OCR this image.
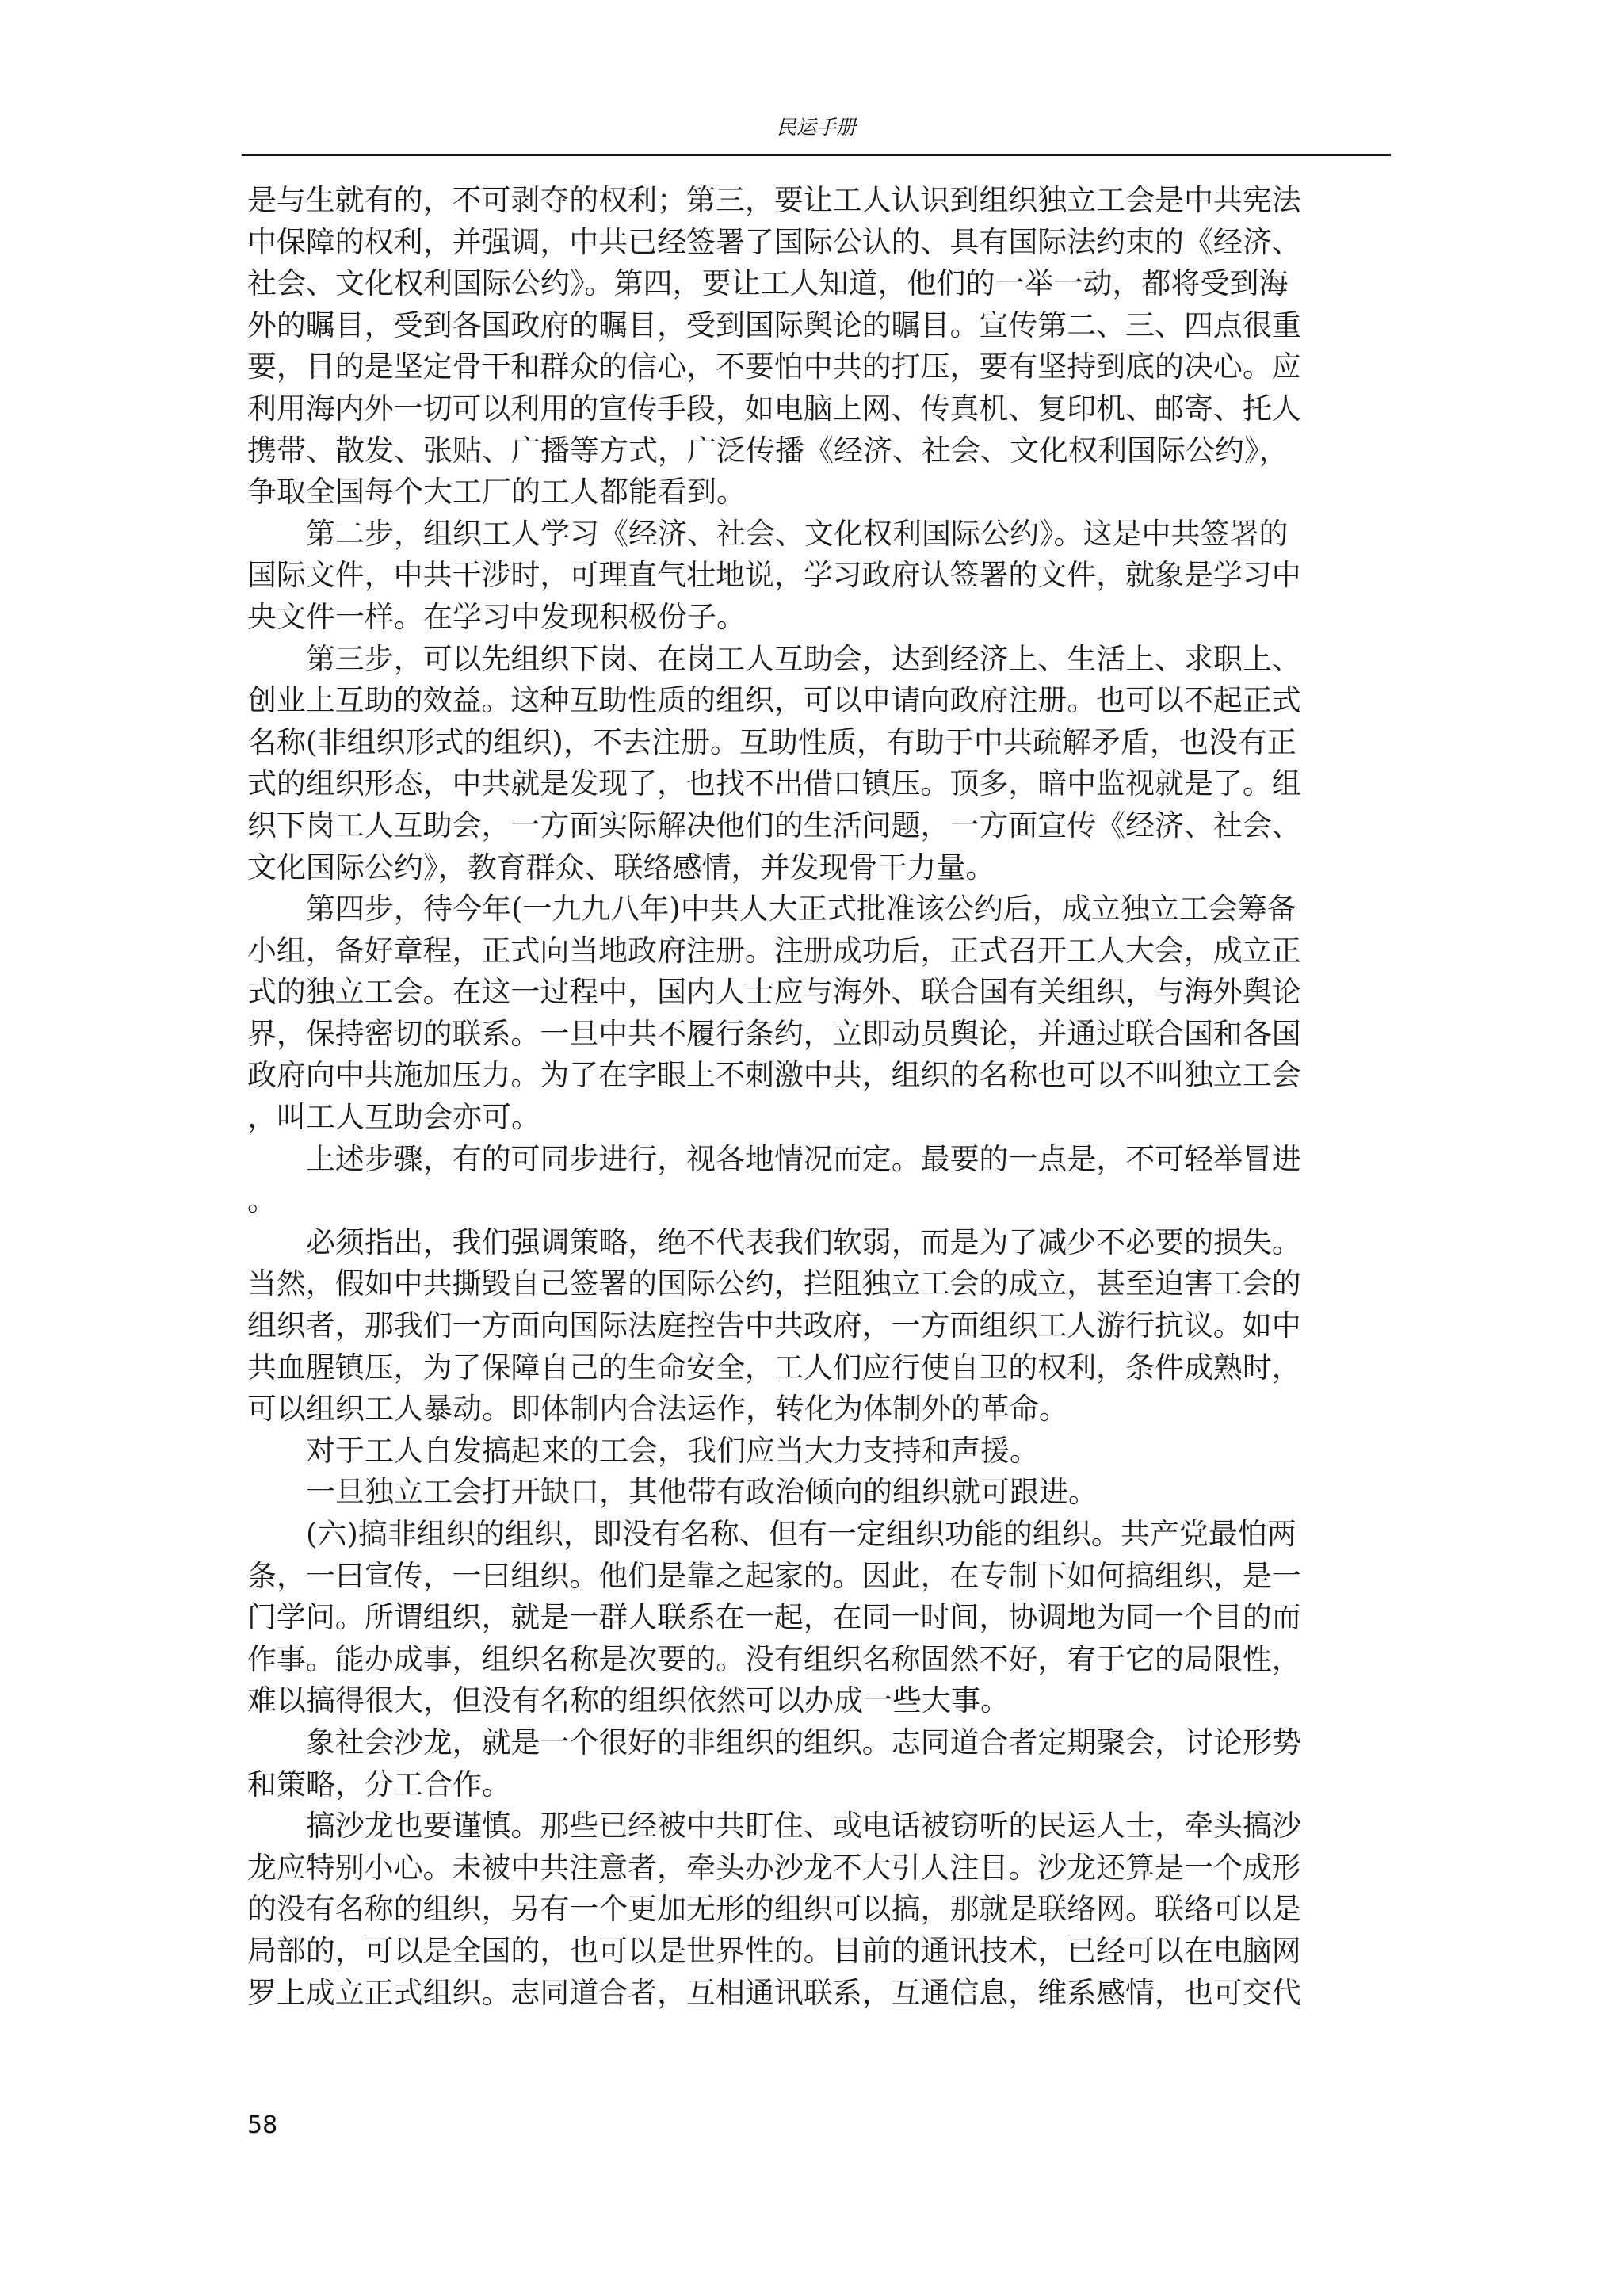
民运手册
是与生就有的，不可剥夺的权利；第三，要让工人认识到组织独立工会是中共宪法
中保障的权利，并强调，中共已经签署了国际公认的、具有国际法约束的《经济、
社会、文化权利国际公约》。第四，要让工人知道，他们的一举一动，都将受到海
外的瞩目，受到各国政府的瞩目，受到国际舆论的瞩目。宣传第二、三、四点很重
要，目的是坚定骨干和群众的信心，不要怕中共的打压，要有坚持到底的决心。应
利用海内外一切可以利用的宣传手段，如电脑上网、传真机、复印机、邮寄、托人
携带、散发、张贴、广播等方式，广泛传播《经济、社会、文化权利国际公约》，
争取全国每个大工厂的工人都能看到。
第二步，组织工人学习《经济、社会、文化权利国际公约》。这是中共签署的
国际文件，中共干涉时，可理直气壮地说，学习政府认签署的文件，就象是学习中
央文件一样。在学习中发现积极份子。
第三步，可以先组织下岗、在岗工人互助会，达到经济上、生活上、求职上、
创业上互助的效益。这种互助性质的组织，可以申请向政府注册。也可以不起正式
名称(非组织形式的组织)，不去注册。互助性质，有助于中共疏解矛盾，也没有正
式的组织形态，中共就是发现了，也找不出借口镇压。顶多，暗中监视就是了。组
织下岗工人互助会，一方面实际解决他们的生活问题，一方面宣传《经济、社会、
文化国际公约》，教育群众、联络感情，并发现骨干力量。
第四步，待今年(一九九八年)中共人大正式批准该公约后，成立独立工会筹备
小组，备好章程，正式向当地政府注册。注册成功后，正式召开工人大会，成立正
式的独立工会。在这一过程中，国内人士应与海外、联合国有关组织，与海外舆论
界，保持密切的联系。一旦中共不履行条约，立即动员舆论，并通过联合国和各国
政府向中共施加压力。为了在字眼上不刺激中共，组织的名称也可以不叫独立工会
，叫工人互助会亦可。
上述步骤，有的可同步进行，视各地情况而定。最要的一点是，不可轻举冒进
。
必须指出，我们强调策略，绝不代表我们软弱，而是为了减少不必要的损失。
当然，假如中共撕毁自己签署的国际公约，拦阻独立工会的成立，甚至迫害工会的
组织者，那我们一方面向国际法庭控告中共政府，一方面组织工人游行抗议。如中
共血腥镇压，为了保障自己的生命安全，工人们应行使自卫的权利，条件成熟时，
可以组织工人暴动。即体制内合法运作，转化为体制外的革命。
对于工人自发搞起来的工会，我们应当大力支持和声援。
一旦独立工会打开缺口，其他带有政治倾向的组织就可跟进。
(六)搞非组织的组织，即没有名称、但有一定组织功能的组织。共产党最怕两
条，一曰宣传，一曰组织。他们是靠之起家的。因此，在专制下如何搞组织，是一
门学问。所谓组织，就是一群人联系在一起，在同一时间，协调地为同一个目的而
作事。能办成事，组织名称是次要的。没有组织名称固然不好，宥于它的局限性，
难以搞得很大，但没有名称的组织依然可以办成一些大事。
象社会沙龙，就是一个很好的非组织的组织。志同道合者定期聚会，讨论形势
和策略，分工合作。
搞沙龙也要谨慎。那些已经被中共盯住、或电话被窃听的民运人士，牵头搞沙
龙应特别小心。未被中共注意者，牵头办沙龙不大引人注目。沙龙还算是一个成形
的没有名称的组织，另有一个更加无形的组织可以搞，那就是联络网。联络可以是
局部的，可以是全国的，也可以是世界性的。目前的通讯技术，已经可以在电脑网
罗上成立正式组织。志同道合者，互相通讯联系，互通信息，维系感情，也可交代
58
